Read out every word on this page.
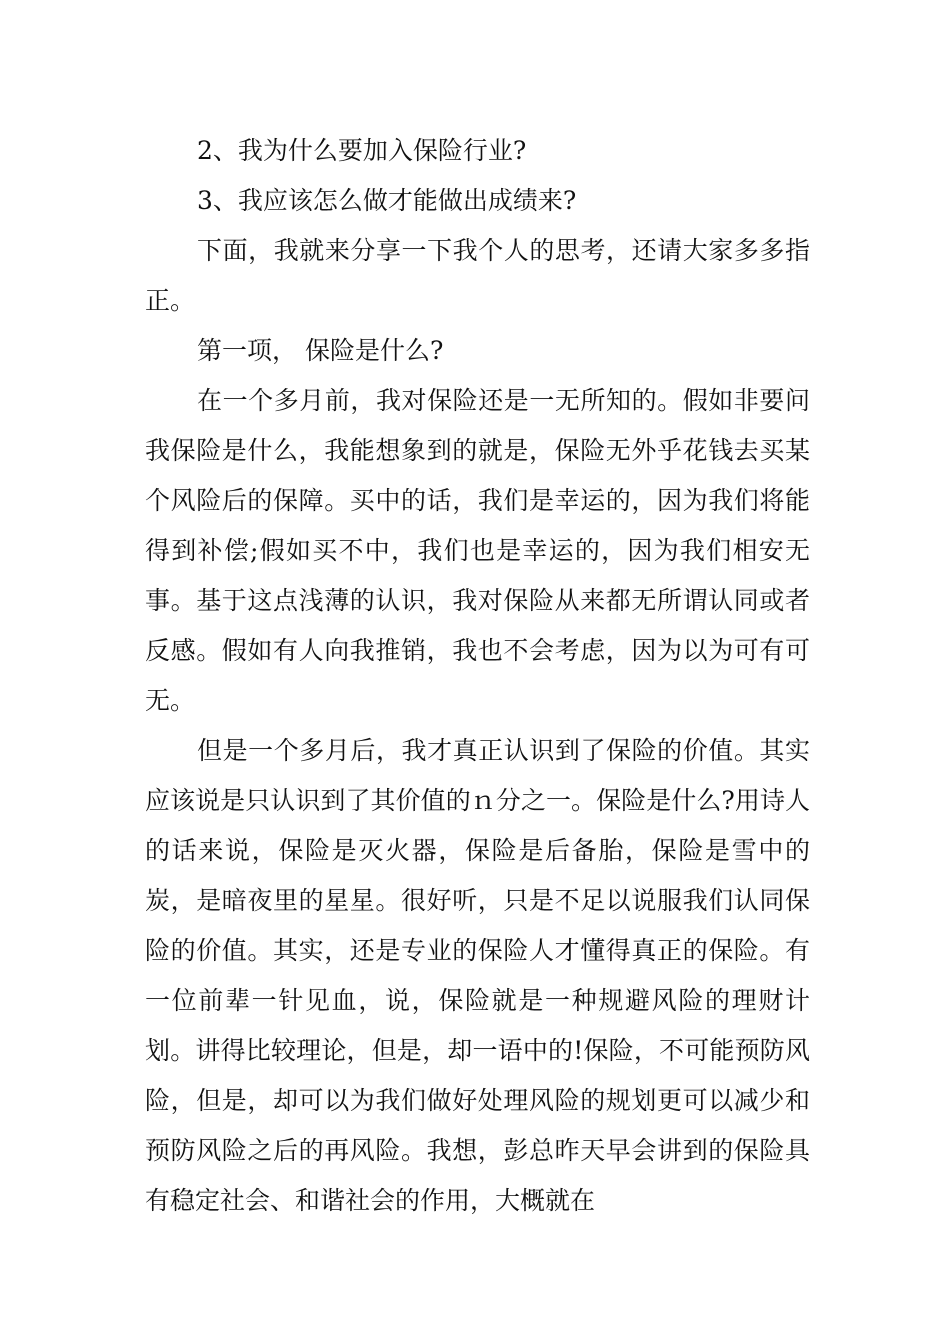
2、我为什么要加入保险行业?

3、我应该怎么做才能做出成绩来?

下面，我就来分享一下我个人的思考，还请大家多多指正。

第一项， 保险是什么?

在一个多月前，我对保险还是一无所知的。假如非要问我保险是什么，我能想象到的就是，保险无外乎花钱去买某个风险后的保障。买中的话，我们是幸运的，因为我们将能得到补偿;假如买不中，我们也是幸运的，因为我们相安无事。基于这点浅薄的认识，我对保险从来都无所谓认同或者反感。假如有人向我推销，我也不会考虑，因为以为可有可无。

但是一个多月后，我才真正认识到了保险的价值。其实应该说是只认识到了其价值的ｎ分之一。保险是什么?用诗人的话来说，保险是灭火器，保险是后备胎，保险是雪中的炭，是暗夜里的星星。很好听，只是不足以说服我们认同保险的价值。其实，还是专业的保险人才懂得真正的保险。有一位前辈一针见血，说，保险就是一种规避风险的理财计划。讲得比较理论，但是，却一语中的!保险，不可能预防风险，但是，却可以为我们做好处理风险的规划更可以减少和预防风险之后的再风险。我想，彭总昨天早会讲到的保险具有稳定社会、和谐社会的作用，大概就在
